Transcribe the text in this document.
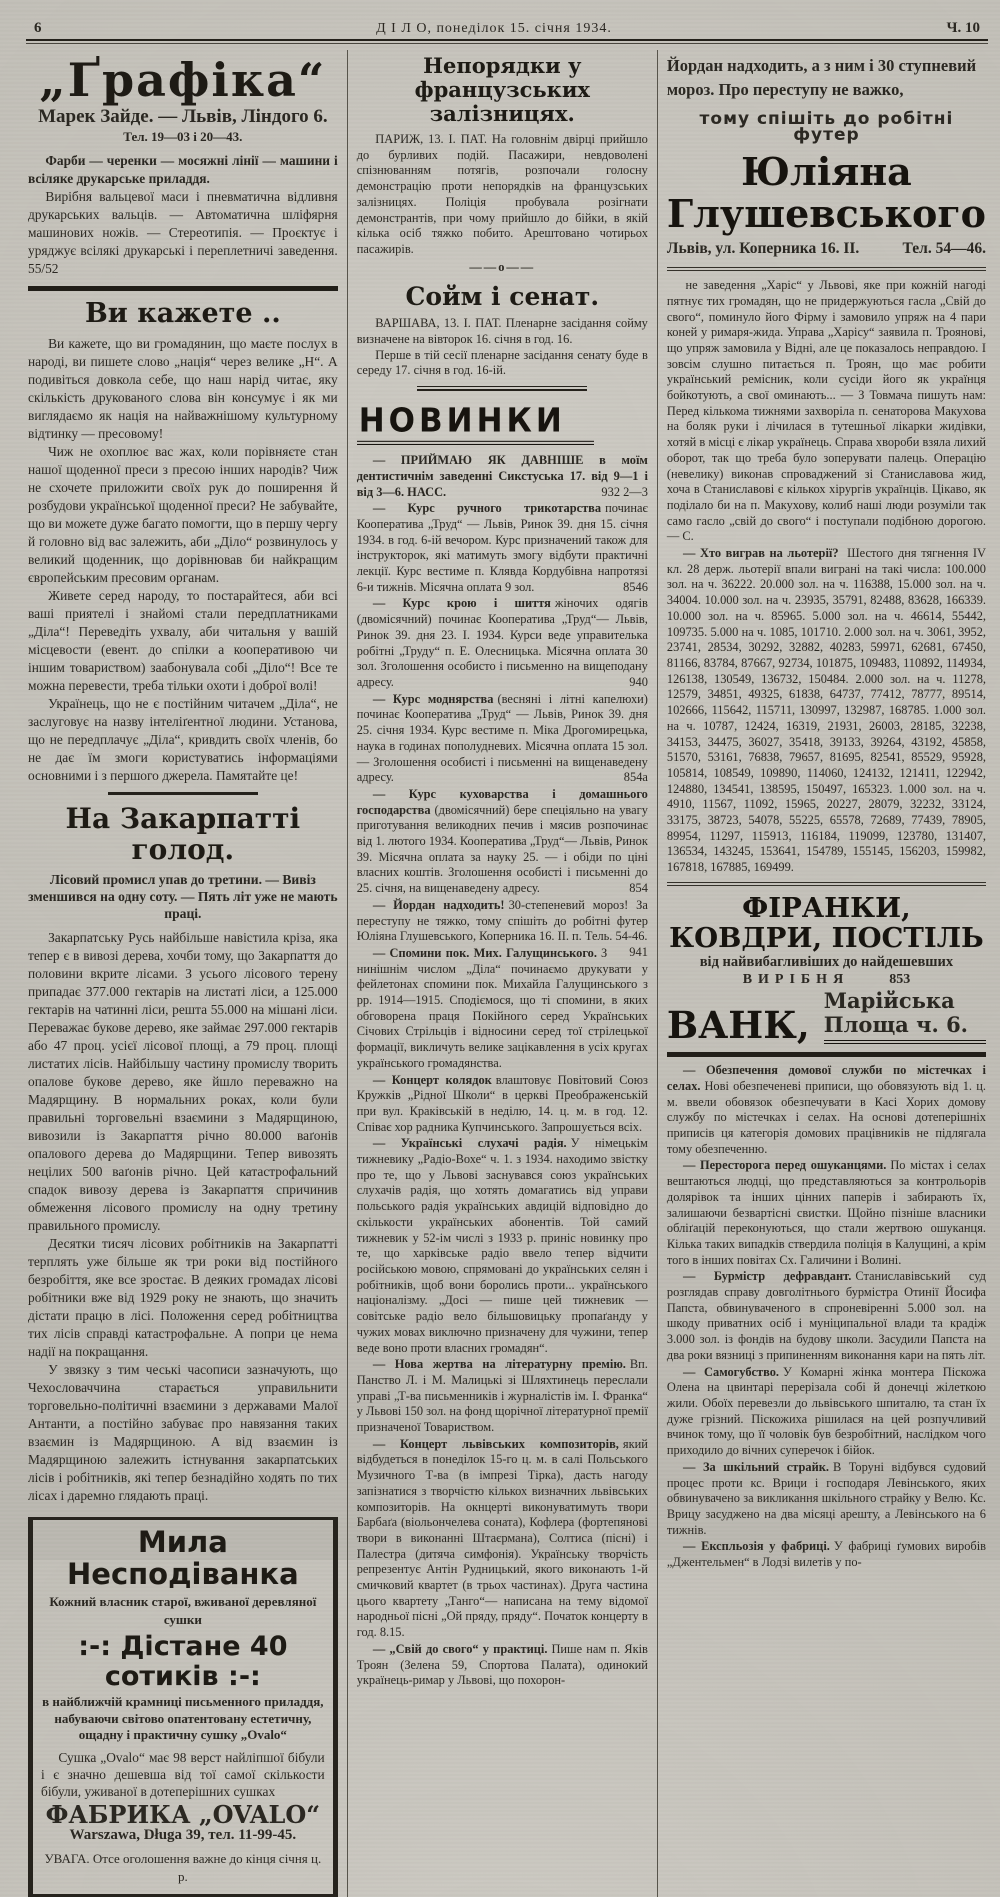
6	Д І Л О, понеділок 15. січня 1934.	Ч. 10

„Ґрафіка“

Марек Зайде. — Львів, Ліндого 6.

Тел. 19—03 і 20—43.

Фарби — черенки — мосяжні лінії — машини і всіляке друкарське приладдя.

Вирібня вальцевої маси і пневматична відливня друкарських вальців. — Автоматична шліфярня машинових ножів. — Стереотипія. — Проєктує і уряджує всілякі друкарські і переплетничі заведення. 55/52

Ви кажете ..

Ви кажете, що ви громадянин, що маєте послух в народі, ви пишете слово „нація“ через велике „Н“. А подивіться довкола себе, що наш нарід читає, яку скількість друкованого слова він консумує і як ми виглядаємо як нація на найважнішому культурному відтинку — пресовому!

Чиж не охоплює вас жах, коли порівняєте стан нашої щоденної преси з пресою інших народів? Чиж не схочете приложити своїх рук до поширення й розбудови української щоденної преси? Не забувайте, що ви можете дуже багато помогти, що в першу чергу й головно від вас залежить, аби „Діло“ розвинулось у великий щоденник, що дорівнював би найкращим європейським пресовим органам.

Живете серед народу, то постарайтеся, аби всі ваші приятелі і знайомі стали передплатниками „Діла“! Переведіть ухвалу, аби читальня у вашій місцевости (евент. до спілки а кооперативою чи іншим товариством) заабонувала собі „Діло“! Все те можна перевести, треба тільки охоти і доброї волі!

Українець, що не є постійним читачем „Діла“, не заслуговує на назву інтеліґентної людини. Установа, що не передплачує „Діла“, кривдить своїх членів, бо не дає їм змоги користуватись інформаціями основними і з першого джерела. Памятайте це!

На Закарпатті голод.

Лісовий промисл упав до третини. — Вивіз зменшився на одну соту. — Пять літ уже не мають праці.

Закарпатську Русь найбільше навістила кріза, яка тепер є в вивозі дерева, хочби тому, що Закарпаття до половини вкрите лісами. З усього лісового терену припадає 377.000 гектарів на листаті ліси, а 125.000 гектарів на чатинні ліси, решта 55.000 на мішані ліси. Переважає букове дерево, яке займає 297.000 гектарів або 47 проц. усієї лісової площі, а 79 проц. площі листатих лісів. Найбільшу частину промислу творить опалове букове дерево, яке йшло переважно на Мадярщину. В нормальних роках, коли були правильні торговельні взаємини з Мадярщиною, вивозили із Закарпаття річно 80.000 ваґонів опалового дерева до Мадярщини. Тепер вивозять нецілих 500 ваґонів річно. Цей катастрофальний спадок вивозу дерева із Закарпаття спричинив обмеження лісового промислу на одну третину правильного промислу.

Десятки тисяч лісових робітників на Закарпатті терплять уже більше як три роки від постійного безробіття, яке все зростає. В деяких громадах лісові робітники вже від 1929 року не знають, що значить дістати працю в лісі. Положення серед робітництва тих лісів справді катастрофальне. А попри це нема надії на покращання.

У звязку з тим чеські часописи зазначують, що Чехословаччина старається управильнити торговельно-політичні взаємини з державами Малої Антанти, а постійно забуває про навязання таких взаємин із Мадярщиною. А від взаємин із Мадярщиною залежить істнування закарпатських лісів і робітників, які тепер безнадійно ходять по тих лісах і даремно глядають праці.

Мила Несподіванка

Кожний власник старої, вживаної деревляної сушки

:-: Дістане 40 сотиків :-:

в найближчій крамниці письменного приладдя, набуваючи світово опатентовану естетичну, ощадну і практичну сушку „Ovalo“

Сушка „Ovalo“ має 98 верст найліпшої бібули і є значно дешевша від тої самої скількости бібули, уживаної в дотеперішних сушках

ФАБРИКА „OVALO“

Warszawa, Długa 39, тел. 11-99-45.

УВАГА. Отсе оголошення важне до кінця січня ц. р.

Непорядки у французських залізницях.

ПАРИЖ, 13. І. ПАТ. На головнім двірці прийшло до бурливих подій. Пасажири, невдоволені спізнюванням потягів, розпочали голосну демонстрацію проти непорядків на французських залізницях. Поліція пробувала розігнати демонстрантів, при чому прийшло до бійки, в якій кілька осіб тяжко побито. Арештовано чотирьох пасажирів.

——о——

Сойм і сенат.

ВАРШАВА, 13. І. ПАТ. Пленарне засідання сойму визначене на вівторок 16. січня в год. 16.

Перше в тій сесії пленарне засідання сенату буде в середу 17. січня в год. 16-ій.

НОВИНКИ

— ПРИЙМАЮ ЯК ДАВНІШЕ в моїм дентистичнім заведенні Сикстуська 17. від 9—1 і від 3—6. НАСС.	932 2—3

— Курс ручного трикотарства починає Кооператива „Труд“ — Львів, Ринок 39. дня 15. січня 1934. в год. 6-ій вечором. Курс призначений також для інструкторок, які матимуть змогу відбути практичні лекції. Курс вестиме п. Клявда Кордубівна напротязі 6-и тижнів. Місячна оплата 9 зол.	8546

— Курс крою і шиття жіночих одягів (двомісячний) починає Кооператива „Труд“— Львів, Ринок 39. дня 23. І. 1934. Курси веде управителька робітні „Труду“ п. Е. Олесницька. Місячна оплата 30 зол. Зголошення особисто і письменно на вищеподану адресу.	940

— Курс моднярства (весняні і літні капелюхи) починає Кооператива „Труд“ — Львів, Ринок 39. дня 25. січня 1934. Курс вестиме п. Міка Дрогомирецька, наука в годинах пополудневих. Місячна оплата 15 зол. — Зголошення особисті і письменні на вищенаведену адресу.	854а

— Курс куховарства і домашнього господарства (двомісячний) бере спеціяльно на увагу приготування великодних печив і мясив розпочинає від 1. лютого 1934. Кооператива „Труд“— Львів, Ринок 39. Місячна оплата за науку 25. — і обіди по ціні власних коштів. Зголошення особисті і письменні до 25. січня, на вищенаведену адресу.	854

— Йордан надходить! 30-степеневий мороз! За переступу не тяжко, тому спішіть до робітні футер Юліяна Глушевського, Коперника 16. ІІ. п. Тель. 54-46.
941

— Спомини пок. Мих. Галущинського. З нинішнім числом „Діла“ починаємо друкувати у фейлетонах спомини пок. Михайла Галущинського з рр. 1914—1915. Сподіємося, що ті спомини, в яких обговорена праця Покійного серед Українських Січових Стрільців і відносини серед тої стрілецької формації, викличуть велике зацікавлення в усіх кругах українського громадянства.

— Концерт колядок влаштовує Повітовий Союз Кружків „Рідної Школи“ в церкві Преображенській при вул. Краківській в неділю, 14. ц. м. в год. 12. Співає хор радника Купчинського. Запрошується всіх.

— Українські слухачі радія. У німецькім тижневику „Радіо-Вохе“ ч. 1. з 1934. находимо звістку про те, що у Львові заснувався союз українських слухачів радія, що хотять домагатись від управи польського радія українських авдицій відповідно до скількости українських абонентів. Той самий тижневик у 52-ім числі з 1933 р. приніс новинку про те, що харківське радіо ввело тепер відчити російською мовою, спрямовані до українських селян і робітників, щоб вони боролись проти... українського націоналізму. „Досі — пише цей тижневик — совітське радіо вело більшовицьку пропаґанду у чужих мовах виключно призначену для чужини, тепер веде воно проти власних громадян“.

— Нова жертва на літературну премію. Вп. Панство Л. і М. Малицькі зі Шляхтинець переслали управі „Т-ва письменників і журналістів ім. І. Франка“ у Львові 150 зол. на фонд щорічної літературної премії призначеної Товариством.

— Концерт львівських композиторів, який відбудеться в понеділок 15-го ц. м. в салі Польського Музичного Т-ва (в імпрезі Тірка), дасть нагоду запізнатися з творчістю кількох визначних львівських композиторів. На окнцерті виконуватимуть твори Барбаґа (віольончелева соната), Кофлера (фортепянові твори в виконанні Штаєрмана), Солтиса (пісні) і Палестра (дитяча симфонія). Українську творчість репрезентує Антін Рудницький, якого виконають 1-й смичковий квартет (в трьох частинах). Друга частина цього квартету „Танго“— написана на тему відомої народньої пісні „Ой пряду, пряду“. Початок концерту в год. 8.15.

— „Свій до свого“ у практиці. Пише нам п. Яків Троян (Зелена 59, Спортова Палата), одинокий українець-римар у Львові, що похорон-

Йордан надходить, а з ним і 30 ступневий мороз. Про переступу не важко,

тому спішіть до робітні футер

Юліяна Глушевського

Львів, ул. Коперника 16. ІІ.	Тел. 54—46.

не заведення „Харіс“ у Львові, яке при кожній нагоді пятнує тих громадян, що не придержуються гасла „Свій до свого“, поминуло його Фірму і замовило упряж на 4 пари коней у римаря-жида. Управа „Харісу“ заявила п. Троянові, що упряж замовила у Відні, але це показалось неправдою. І зовсім слушно питається п. Троян, що має робити український ремісник, коли сусіди його як українця бойкотують, а свої оминають... — З Товмача пишуть нам: Перед кількома тижнями захворіла п. сенаторова Макухова на боляк руки і лічилася в тутешньої лікарки жидівки, хотяй в місці є лікар українець. Справа хвороби взяла лихий оборот, так що треба було зоперувати палець. Операцію (невелику) виконав спроваджений зі Станиславова жид, хоча в Станиславові є кількох хірургів українців. Цікаво, як поділало би на п. Макухову, колиб наші люди розуміли так само гасло „свій до свого“ і поступали подібною дорогою. — С.

— Хто виграв на льотерії? Шестого дня тягнення IV кл. 28 держ. льотерії впали виграні на такі числа: 100.000 зол. на ч. 36222. 20.000 зол. на ч. 116388, 15.000 зол. на ч. 34004. 10.000 зол. на ч. 23935, 35791, 82488, 83628, 166339. 10.000 зол. на ч. 85965. 5.000 зол. на ч. 46614, 55442, 109735. 5.000 на ч. 1085, 101710. 2.000 зол. на ч. 3061, 3952, 23741, 28534, 30292, 32882, 40283, 59971, 62681, 67450, 81166, 83784, 87667, 92734, 101875, 109483, 110892, 114934, 126138, 130549, 136732, 150484. 2.000 зол. на ч. 11278, 12579, 34851, 49325, 61838, 64737, 77412, 78777, 89514, 102666, 115642, 115711, 130997, 132987, 168785. 1.000 зол. на ч. 10787, 12424, 16319, 21931, 26003, 28185, 32238, 34153, 34475, 36027, 35418, 39133, 39264, 43192, 45858, 51570, 53161, 76838, 79657, 81695, 82541, 85529, 95928, 105814, 108549, 109890, 114060, 124132, 121411, 122942, 124880, 134541, 138595, 150497, 165323. 1.000 зол. на ч. 4910, 11567, 11092, 15965, 20227, 28079, 32232, 33124, 33175, 38723, 54078, 55225, 65578, 72689, 77439, 78905, 89954, 11297, 115913, 116184, 119099, 123780, 131407, 136534, 143245, 153641, 154789, 155145, 156203, 159982, 167818, 167885, 169499.

ФІРАНКИ, КОВДРИ, ПОСТІЛЬ

від найвибагливіших до найдешевших

ВИРІБНЯ	853
ВАНК,
Марійська Площа ч. 6.

— Обезпечення домової служби по містечках і селах. Нові обезпеченеві приписи, що обовязують від 1. ц. м. ввели обовязок обезпечувати в Касі Хорих домову службу по містечках і селах. На основі дотеперішніх приписів ця категорія домових працівників не підлягала тому обезпеченню.

— Пересторога перед ошуканцями. По містах і селах вештаються людці, що представляються за контрольорів долярівок та інших цінних паперів і забирають їх, залишаючи безвартісні свистки. Щойно пізніше власники обліґацій переконуються, що стали жертвою ошуканця. Кілька таких випадків ствердила поліція в Калущині, а крім того в інших повітах Сх. Галичини і Волині.

— Бурмістр дефравдант. Станиславівський суд розглядав справу довголітнього бурмістра Отинії Йосифа Папста, обвинуваченого в спроневіренні 5.000 зол. на шкоду приватних осіб і муніципальної влади та крадіж 3.000 зол. із фондів на будову школи. Засудили Папста на два роки вязниці з припиненням виконання кари на пять літ.

— Самогубство. У Комарні жінка монтера Піскожа Олена на цвинтарі перерізала собі й донечці жілеткою жили. Обоїх перевезли до львівського шпиталю, та стан їх дуже грізний. Піскожиха рішилася на цей розпучливий вчинок тому, що її чоловік був безробітний, наслідком чого приходило до вічних суперечок і бійок.

— За шкільний страйк. В Торуні відбувся судовий процес проти кс. Врици і господаря Левінського, яких обвинувачено за викликання шкільного страйку у Велю. Кс. Врицу засуджено на два місяці арешту, а Левінського на 6 тижнів.

— Експльозія у фабриці. У фабриці ґумових виробів „Джентельмен“ в Лодзі вилетів у по-
